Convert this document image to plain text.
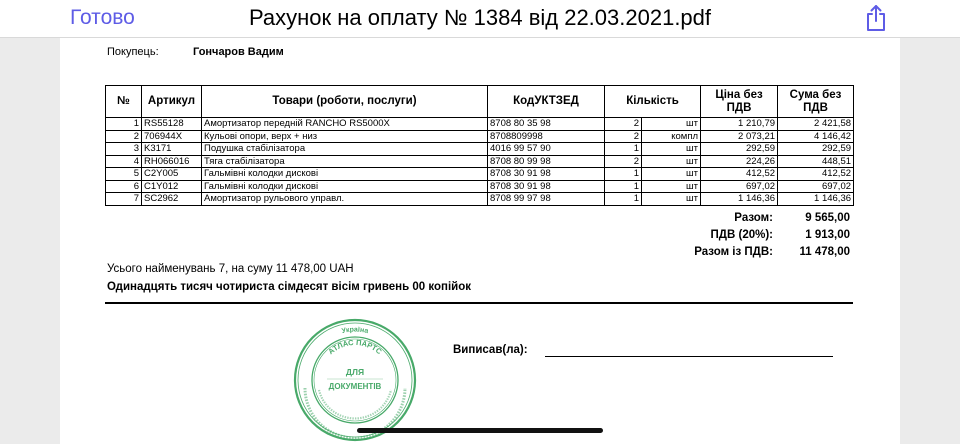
Готово	Рахунок на оплату № 1384 від 22.03.2021.pdf
Покупець:	Гончаров Вадим
№	Артикул	Товари (роботи, послуги)	КодУКТЗЕД	Кількість		Ціна без ПДВ	Сума без ПДВ
1	RS55128	Амортизатор передній RANCHO RS5000X	8708 80 35 98	2	шт	1 210,79	2 421,58
2	706944X	Кульові опори, верх + низ	8708809998	2	компл	2 073,21	4 146,42
3	K3171	Подушка стабілізатора	4016 99 57 90	1	шт	292,59	292,59
4	RH066016	Тяга стабілізатора	8708 80 99 98	2	шт	224,26	448,51
5	C2Y005	Гальмівні колодки дискові	8708 30 91 98	1	шт	412,52	412,52
6	C1Y012	Гальмівні колодки дискові	8708 30 91 98	1	шт	697,02	697,02
7	SC2962	Амортизатор рульового управл.	8708 99 97 98	1	шт	1 146,36	1 146,36
Разом:	9 565,00
ПДВ (20%):	1 913,00
Разом із ПДВ:	11 478,00
Усього найменувань 7, на суму 11 478,00 UAH
Одинадцять тисяч чотириста сімдесят вісім гривень 00 копійок
Україна
АТЛАС ПАРТС
ДЛЯ
ДОКУМЕНТІВ
Виписав(ла):
